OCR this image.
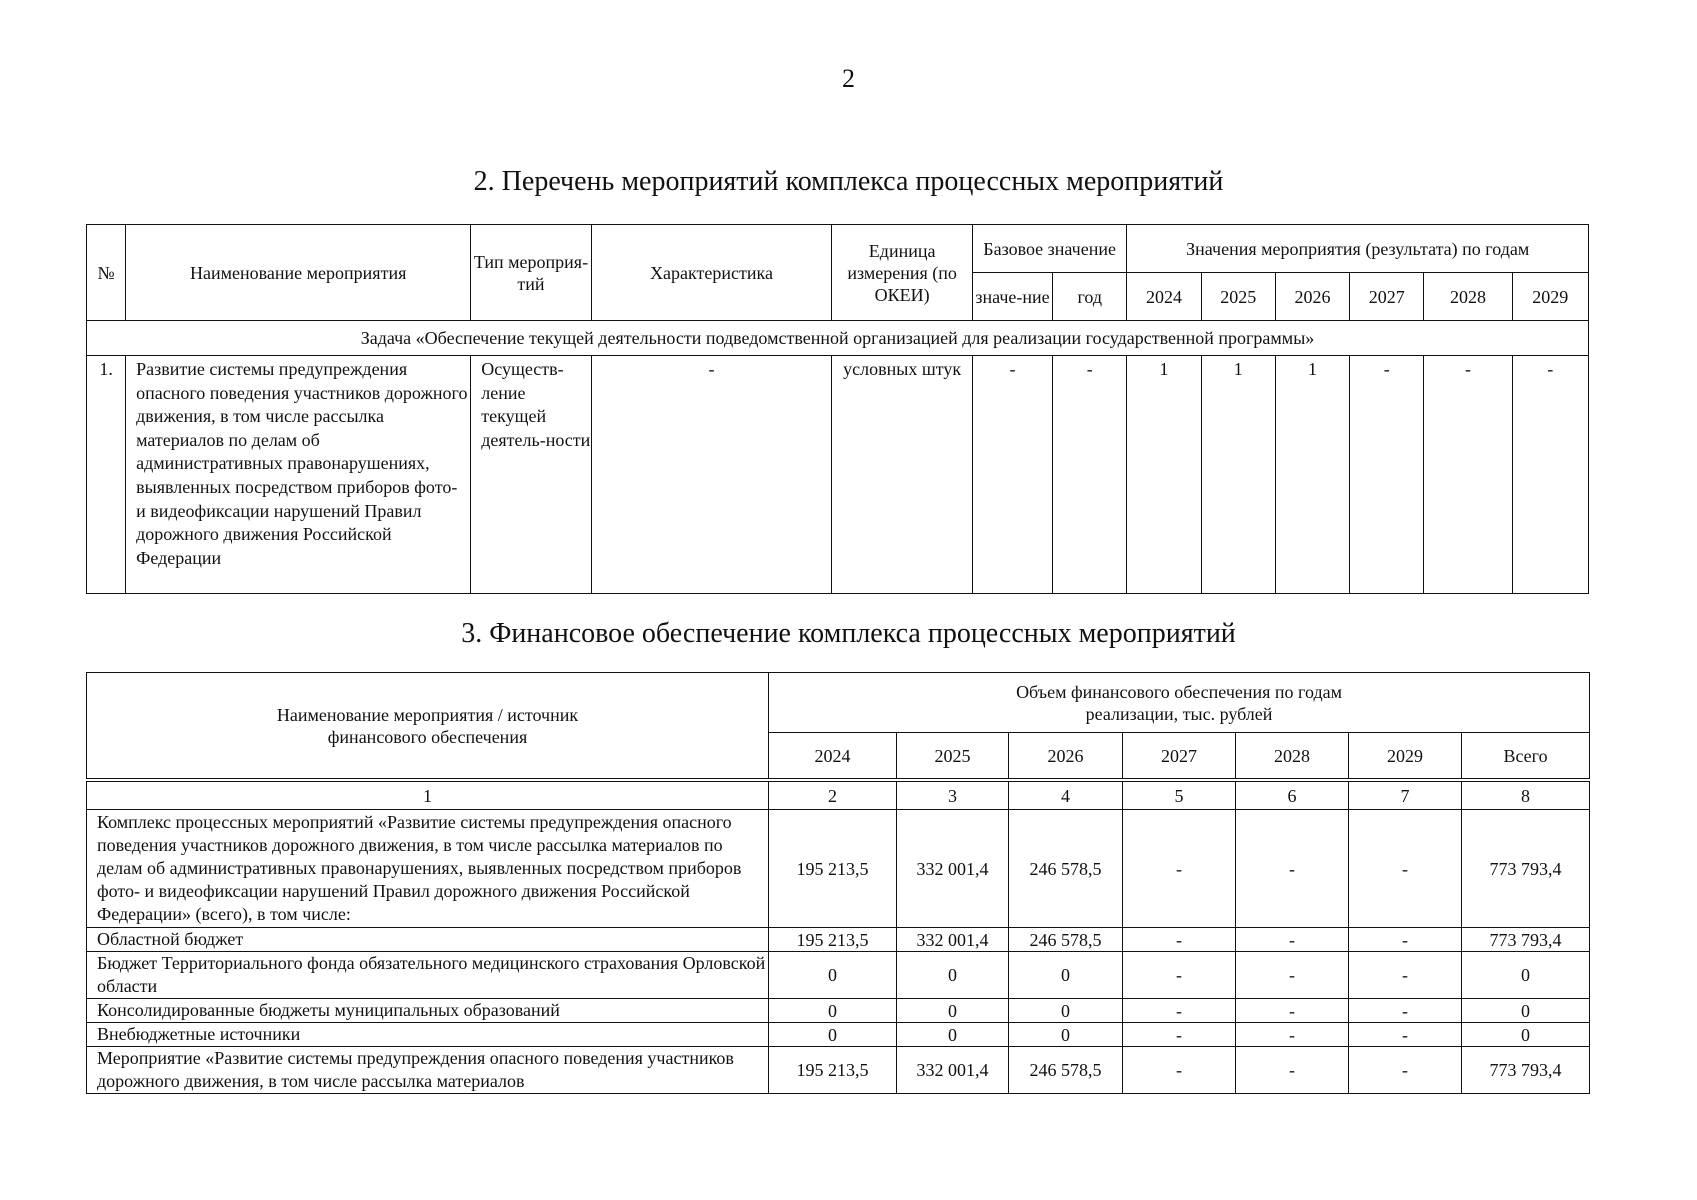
2
2. Перечень мероприятий комплекса процессных мероприятий
№	Наименование мероприятия	Тип мероприя-тий	Характеристика	Единица измерения (по ОКЕИ)	Базовое значение		Значения мероприятия (результата) по годам					
					значе-ние	год	2024	2025	2026	2027	2028	2029
Задача «Обеспечение текущей деятельности подведомственной организацией для реализации государственной программы»												
1.	Развитие системы предупреждения опасного поведения участников дорожного движения, в том числе рассылка материалов по делам об административных правонарушениях, выявленных посредством приборов фото- и видеофиксации нарушений Правил дорожного движения Российской Федерации	Осуществ-ление текущей деятель-ности	-	условных штук	-	-	1	1	1	-	-	-
3. Финансовое обеспечение комплекса процессных мероприятий
Наименование мероприятия / источник финансового обеспечения	Объем финансового обеспечения по годам реализации, тыс. рублей						
	2024	2025	2026	2027	2028	2029	Всего

1	2	3	4	5	6	7	8
Комплекс процессных мероприятий «Развитие системы предупреждения опасного поведения участников дорожного движения, в том числе рассылка материалов по делам об административных правонарушениях, выявленных посредством приборов фото- и видеофиксации нарушений Правил дорожного движения Российской Федерации» (всего), в том числе:	195 213,5	332 001,4	246 578,5	-	-	-	773 793,4
Областной бюджет	195 213,5	332 001,4	246 578,5	-	-	-	773 793,4
Бюджет Территориального фонда обязательного медицинского страхования Орловской области	0	0	0	-	-	-	0
Консолидированные бюджеты муниципальных образований	0	0	0	-	-	-	0
Внебюджетные источники	0	0	0	-	-	-	0
Мероприятие «Развитие системы предупреждения опасного поведения участников дорожного движения, в том числе рассылка материалов	195 213,5	332 001,4	246 578,5	-	-	-	773 793,4
